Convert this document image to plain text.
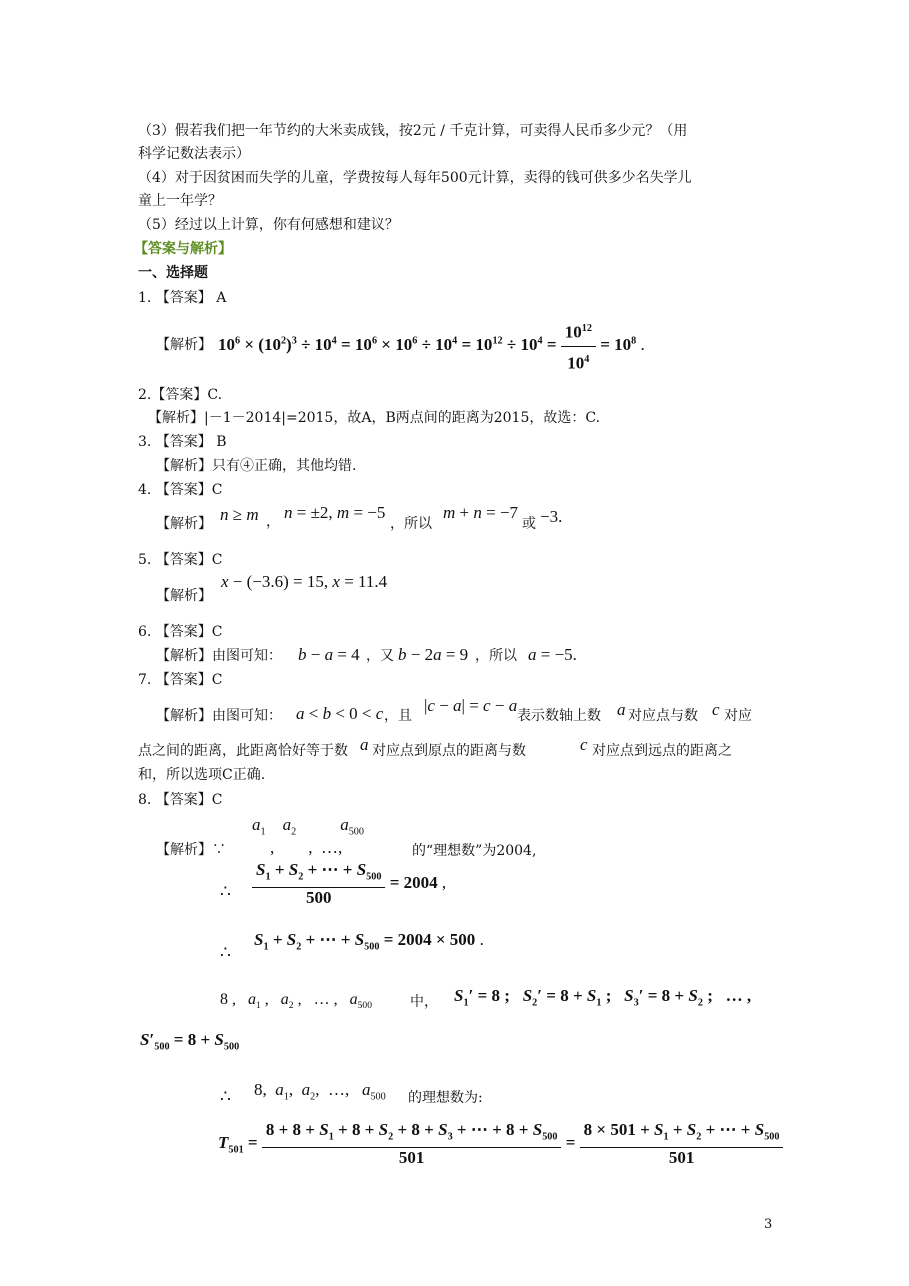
（3）假若我们把一年节约的大米卖成钱，按2元 / 千克计算，可卖得人民币多少元？（用
科学记数法表示）
（4）对于因贫困而失学的儿童，学费按每人每年500元计算，卖得的钱可供多少名失学儿
童上一年学？
（5）经过以上计算，你有何感想和建议？
【答案与解析】
一、选择题
1. 【答案】 A
【解析】 $10^6 \times (10^2)^3 \div 10^4 = 10^6 \times 10^6 \div 10^4 = 10^{12} \div 10^4 = \frac{10^{12}}{10^4} = 10^8$ .
2.【答案】C.
【解析】|－1－2014|=2015，故A，B两点间的距离为2015，故选：C.
3. 【答案】 B
【解析】只有④正确，其他均错.
4. 【答案】C
【解析】 n ≥ m ， n = ±2, m = −5
，所以
m + n = −7
或 −3.
5. 【答案】C
【解析】
x − (−3.6) = 15, x = 11.4
6. 【答案】C
【解析】由图可知： b − a = 4 ，又 b − 2a = 9 ，所以 a = −5.
7. 【答案】C
【解析】由图可知： a < b < 0 < c ，且
|c − a| = c − a
表示数轴上数 a 对应点与数 c 对应
点之间的距离，此距离恰好等于数 a 对应点到原点的距离与数	c 对应点到远点的距离之
和，所以选项C正确.
8. 【答案】C
$a_1$ $a_2$	$a_{500}$
【解析】∵	,        ,  …,	的“理想数”为2004,
∴ $\frac{S_1 + S_2 + \cdots + S_{500}}{500} = 2004$ ,
∴
$S_1 + S_2$ + ⋯ + $S_{500} = 2004 \times 500$ .
8 ,   $a_1$ ,   $a_2$ ,   … ,   $a_{500}$	中， $S_1' = 8$ ;   $S_2' = 8 + S_1$ ;   $S_3' = 8 + S_2$ ;   … ,
$S'_{500} = 8 + S_{500}$
∴ 8,  $a_1$,  $a_2$,  …,   $a_{500}$ 的理想数为:
$T_{501} = \frac{8 + 8 + S_1 + 8 + S_2 + 8 + S_3 + \cdots + 8 + S_{500}}{501} = \frac{8 \times 501 + S_1 + S_2 + \cdots + S_{500}}{501}$
3
